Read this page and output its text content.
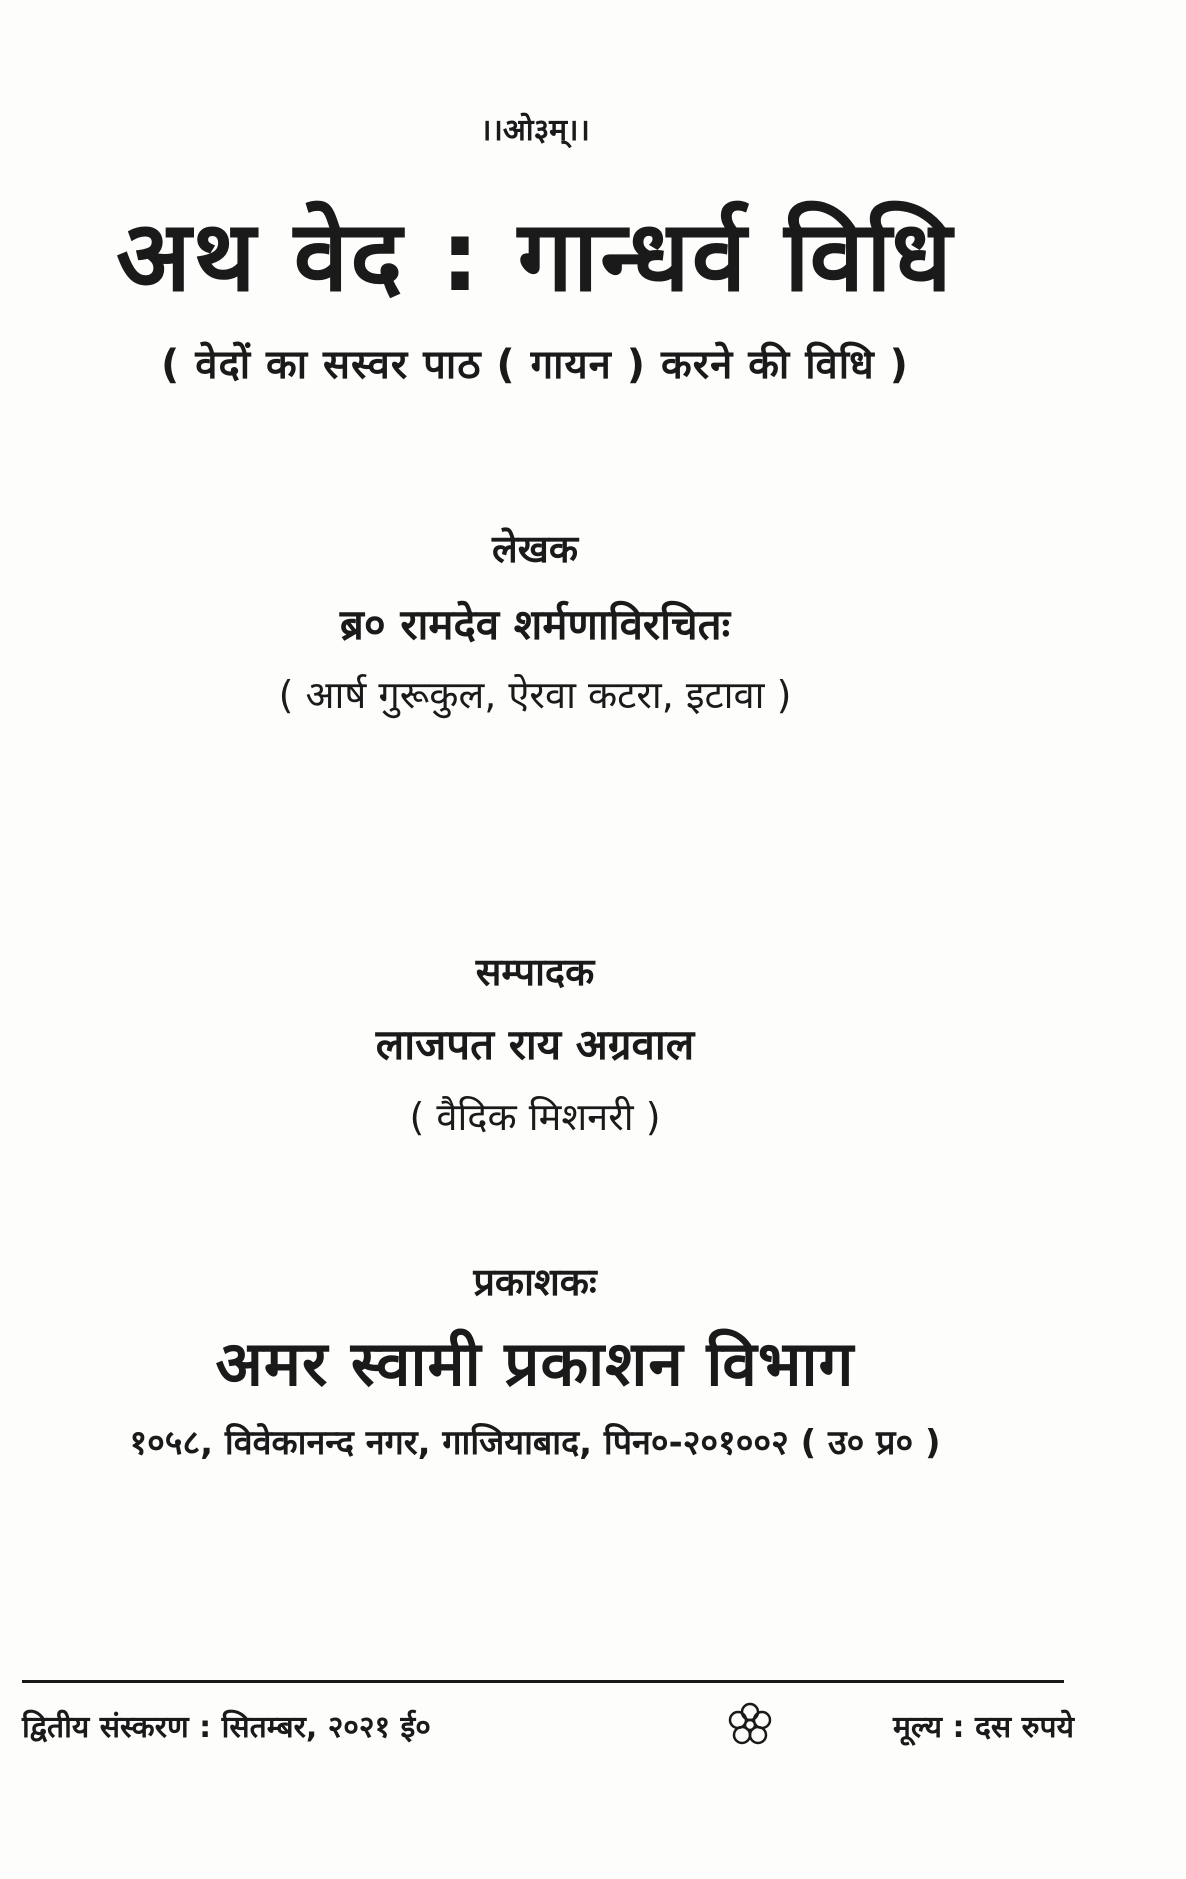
।।ओ३म्।।
अथ वेद : गान्धर्व विधि
( वेदों का सस्वर पाठ ( गायन ) करने की विधि )
लेखक
ब्र० रामदेव शर्मणाविरचितः
( आर्ष गुरूकुल, ऐरवा कटरा, इटावा )
सम्पादक
लाजपत राय अग्रवाल
( वैदिक मिशनरी )
प्रकाशकः
अमर स्वामी प्रकाशन विभाग
१०५८, विवेकानन्द नगर, गाजियाबाद, पिन०-२०१००२ ( उ० प्र० )
द्वितीय संस्करण : सितम्बर, २०२१ ई०	मूल्य : दस रुपये
